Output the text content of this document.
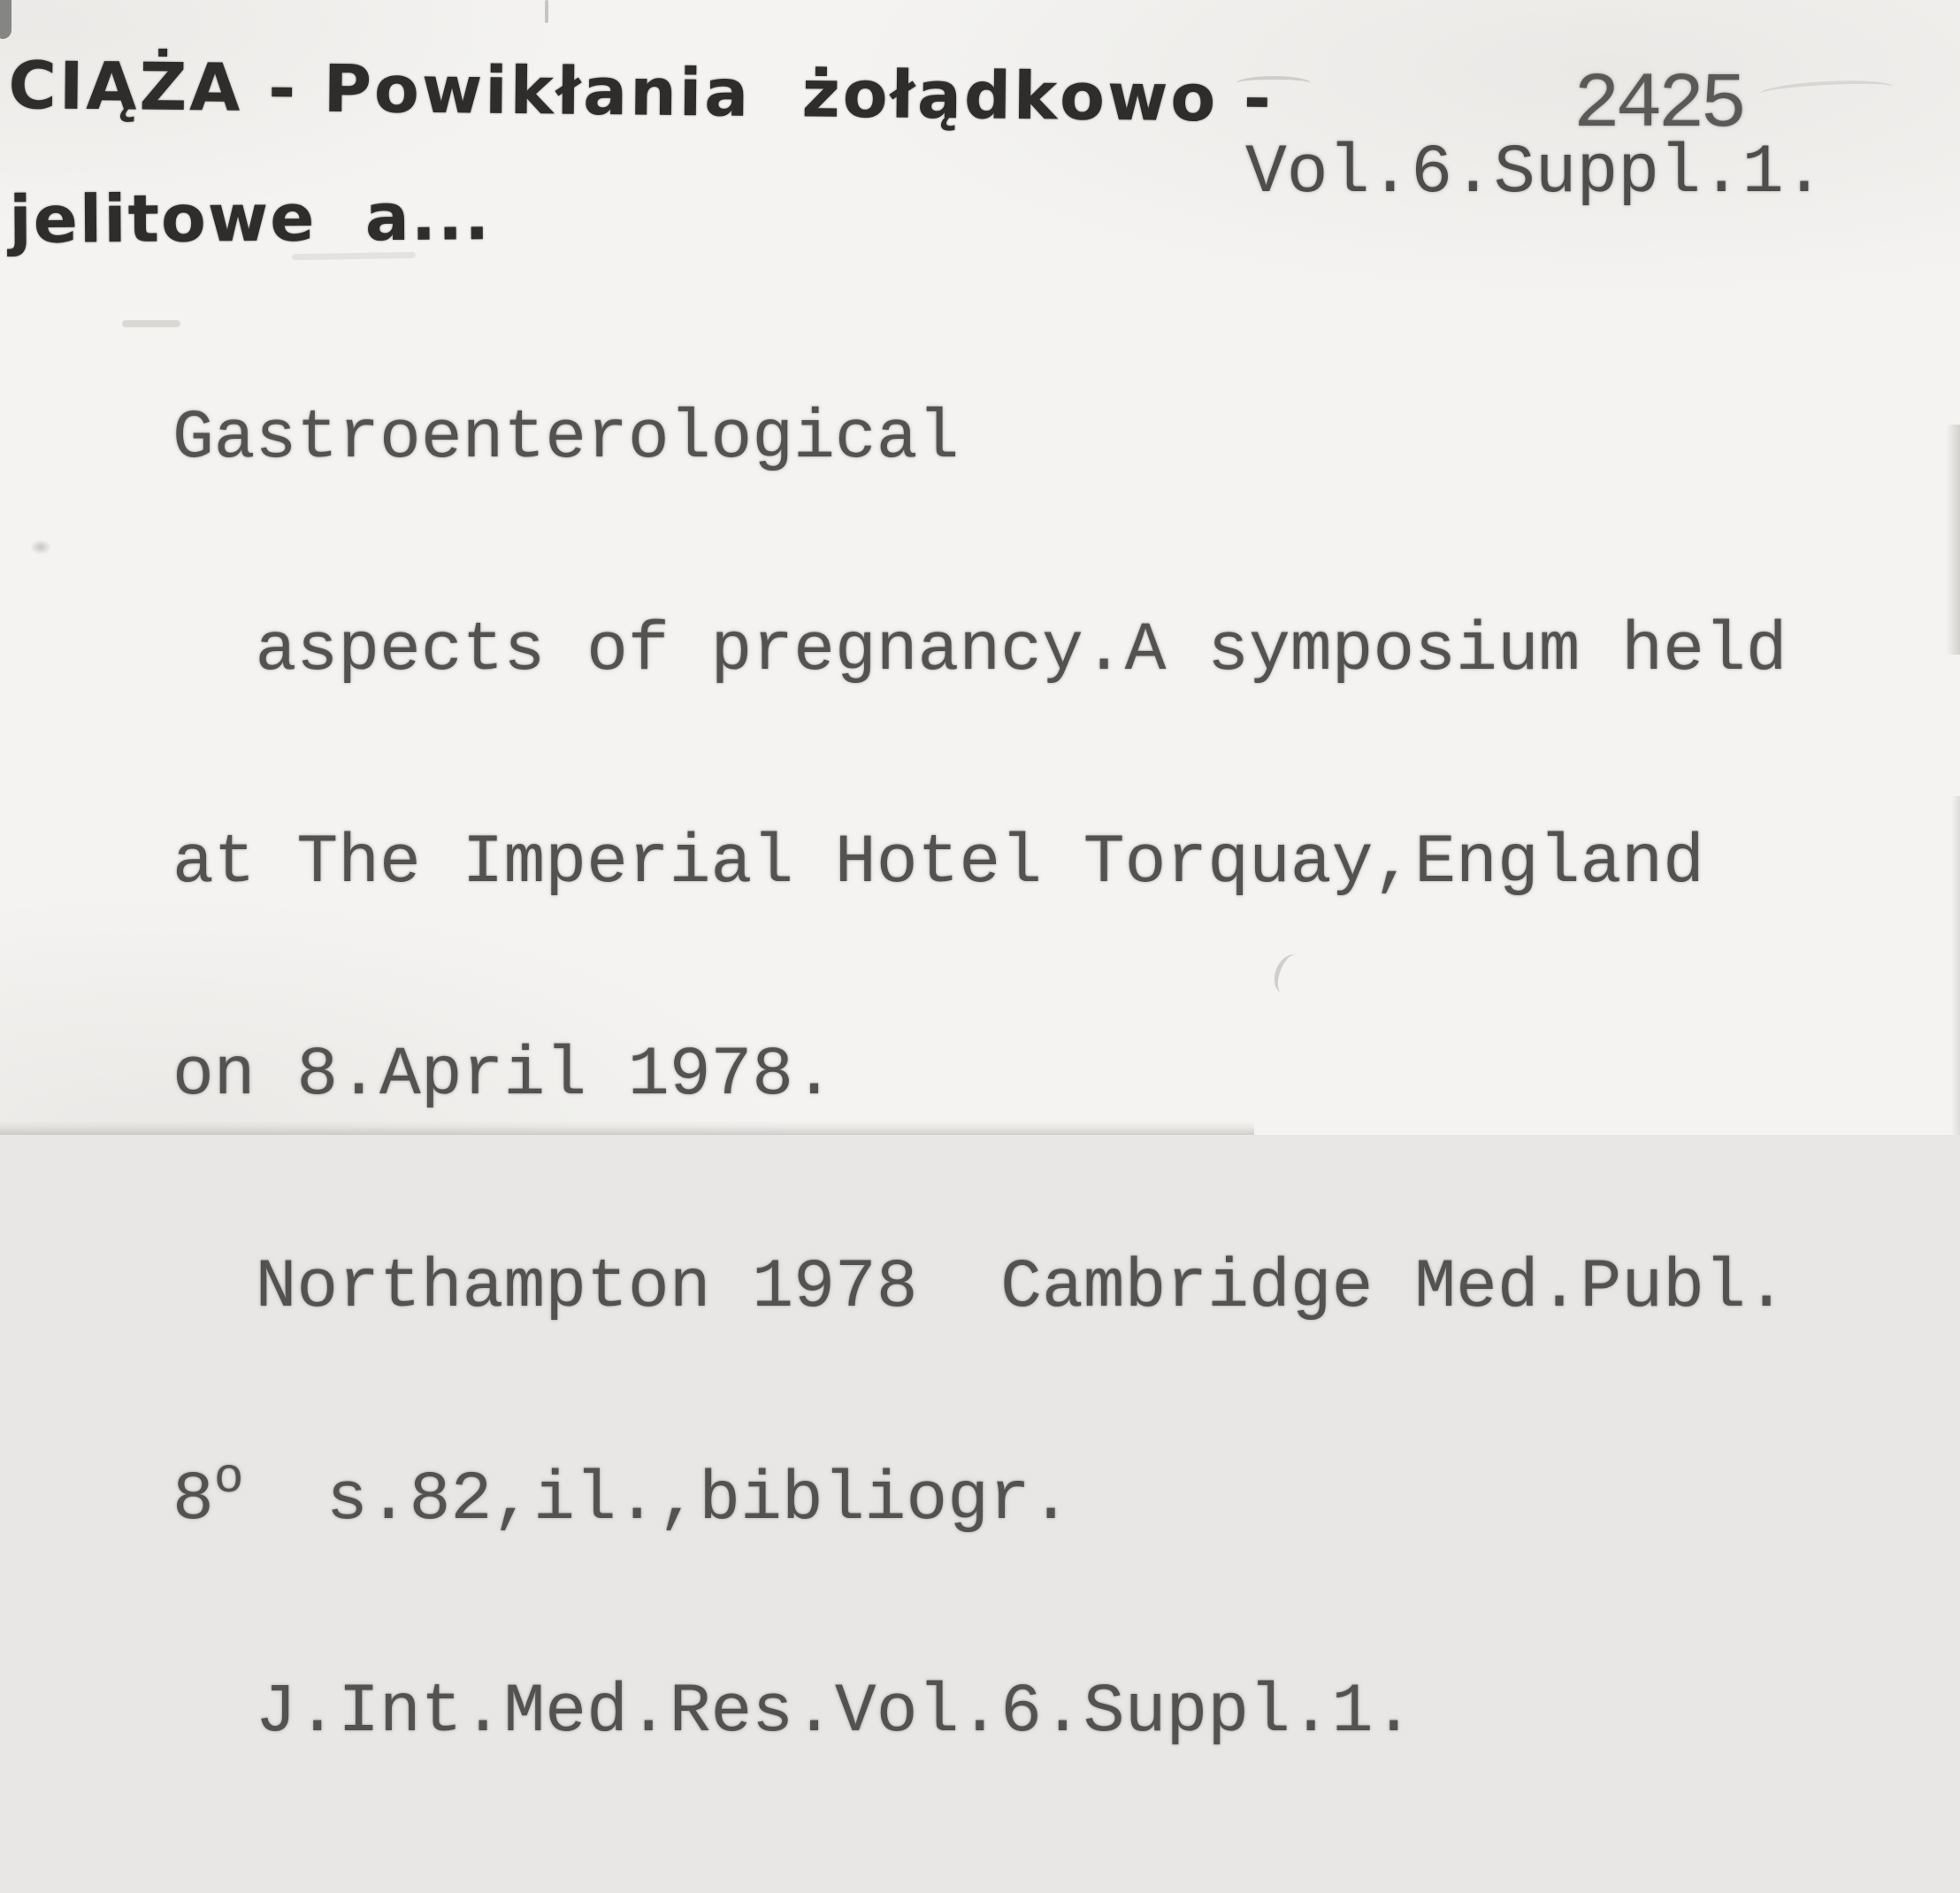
CIĄŻA - Powikłania  żołądkowo -

jelitowe  a...

2425
Vol.6.Suppl.1.

Gastroenterological

aspects of pregnancy.A symposium held

at The Imperial Hotel Torquay,England

on 8.April 1978.

Northampton 1978  Cambridge Med.Publ.

8o  s.82,il.,bibliogr.

J.Int.Med.Res.Vol.6.Suppl.1.
